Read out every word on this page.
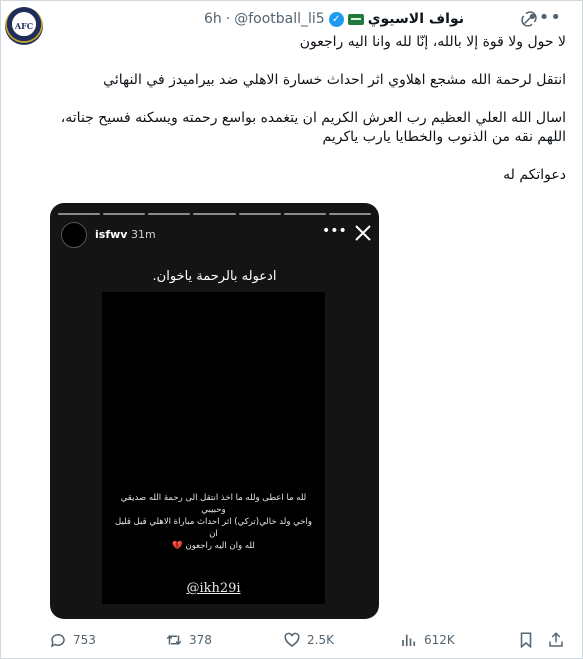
AFC	نواف الاسيوي
✓
@football_li5
·
6h	•••

لا حول ولا قوة إلا بالله، إنّا لله وانا اليه راجعون

انتقل لرحمة الله مشجع اهلاوي اثر احداث خسارة الاهلي ضد بيراميدز في النهائي

اسال الله العلي العظيم رب العرش الكريم ان يتغمده بواسع رحمته ويسكنه فسيح جناته،

اللهم نقه من الذنوب والخطايا يارب ياكريم

دعواتكم له

isfwv 31m	•••
ادعوله بالرحمة ياخوان.
لله ما اعطى ولله ما اخذ انتقل الى رحمة الله صديقي وحبيبي
واخي ولد خالي(تركي) اثر احداث مباراة الاهلي قبل قليل ان
لله وان اليه راجعون 💔
@ikh29i
753	378	2.5K	612K
